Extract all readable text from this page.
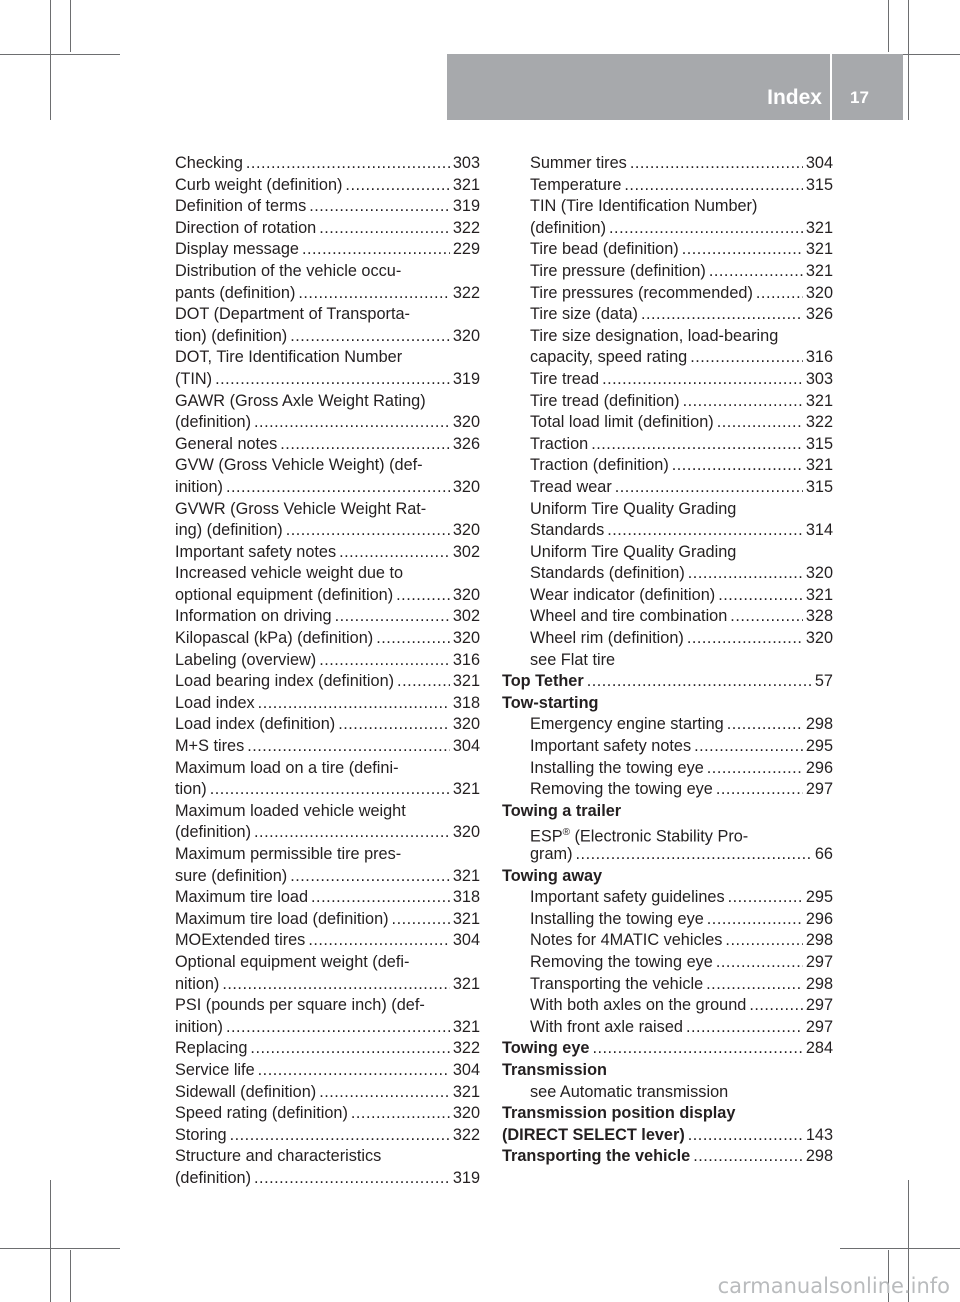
Index 17
Checking .....	303
Curb weight (definition) .....	321
Definition of terms .....	319
Direction of rotation .....	322
Display message .....	229
Distribution of the vehicle occu-
pants (definition) .....	322
DOT (Department of Transporta-
tion) (definition) .....	320
DOT, Tire Identification Number
(TIN) .....	319
GAWR (Gross Axle Weight Rating)
(definition) .....	320
General notes .....	326
GVW (Gross Vehicle Weight) (def-
inition) .....	320
GVWR (Gross Vehicle Weight Rat-
ing) (definition) .....	320
Important safety notes .....	302
Increased vehicle weight due to
optional equipment (definition) .....	320
Information on driving .....	302
Kilopascal (kPa) (definition) .....	320
Labeling (overview) .....	316
Load bearing index (definition) .....	321
Load index .....	318
Load index (definition) .....	320
M+S tires .....	304
Maximum load on a tire (defini-
tion) .....	321
Maximum loaded vehicle weight
(definition) .....	320
Maximum permissible tire pres-
sure (definition) .....	321
Maximum tire load .....	318
Maximum tire load (definition) .....	321
MOExtended tires .....	304
Optional equipment weight (defi-
nition) .....	321
PSI (pounds per square inch) (def-
inition) .....	321
Replacing .....	322
Service life .....	304
Sidewall (definition) .....	321
Speed rating (definition) .....	320
Storing .....	322
Structure and characteristics
(definition) .....	319
Summer tires .....	304
Temperature .....	315
TIN (Tire Identification Number)
(definition) .....	321
Tire bead (definition) .....	321
Tire pressure (definition) .....	321
Tire pressures (recommended) .....	320
Tire size (data) .....	326
Tire size designation, load-bearing
capacity, speed rating .....	316
Tire tread .....	303
Tire tread (definition) .....	321
Total load limit (definition) .....	322
Traction .....	315
Traction (definition) .....	321
Tread wear .....	315
Uniform Tire Quality Grading
Standards .....	314
Uniform Tire Quality Grading
Standards (definition) .....	320
Wear indicator (definition) .....	321
Wheel and tire combination .....	328
Wheel rim (definition) .....	320
see Flat tire
Top Tether .....	57
Tow-starting
Emergency engine starting .....	298
Important safety notes .....	295
Installing the towing eye .....	296
Removing the towing eye .....	297
Towing a trailer
ESP® (Electronic Stability Pro-
gram) .....	66
Towing away
Important safety guidelines .....	295
Installing the towing eye .....	296
Notes for 4MATIC vehicles .....	298
Removing the towing eye .....	297
Transporting the vehicle .....	298
With both axles on the ground .....	297
With front axle raised .....	297
Towing eye .....	284
Transmission
see Automatic transmission
Transmission position display
(DIRECT SELECT lever) .....	143
Transporting the vehicle .....	298
carmanualsonline.info
